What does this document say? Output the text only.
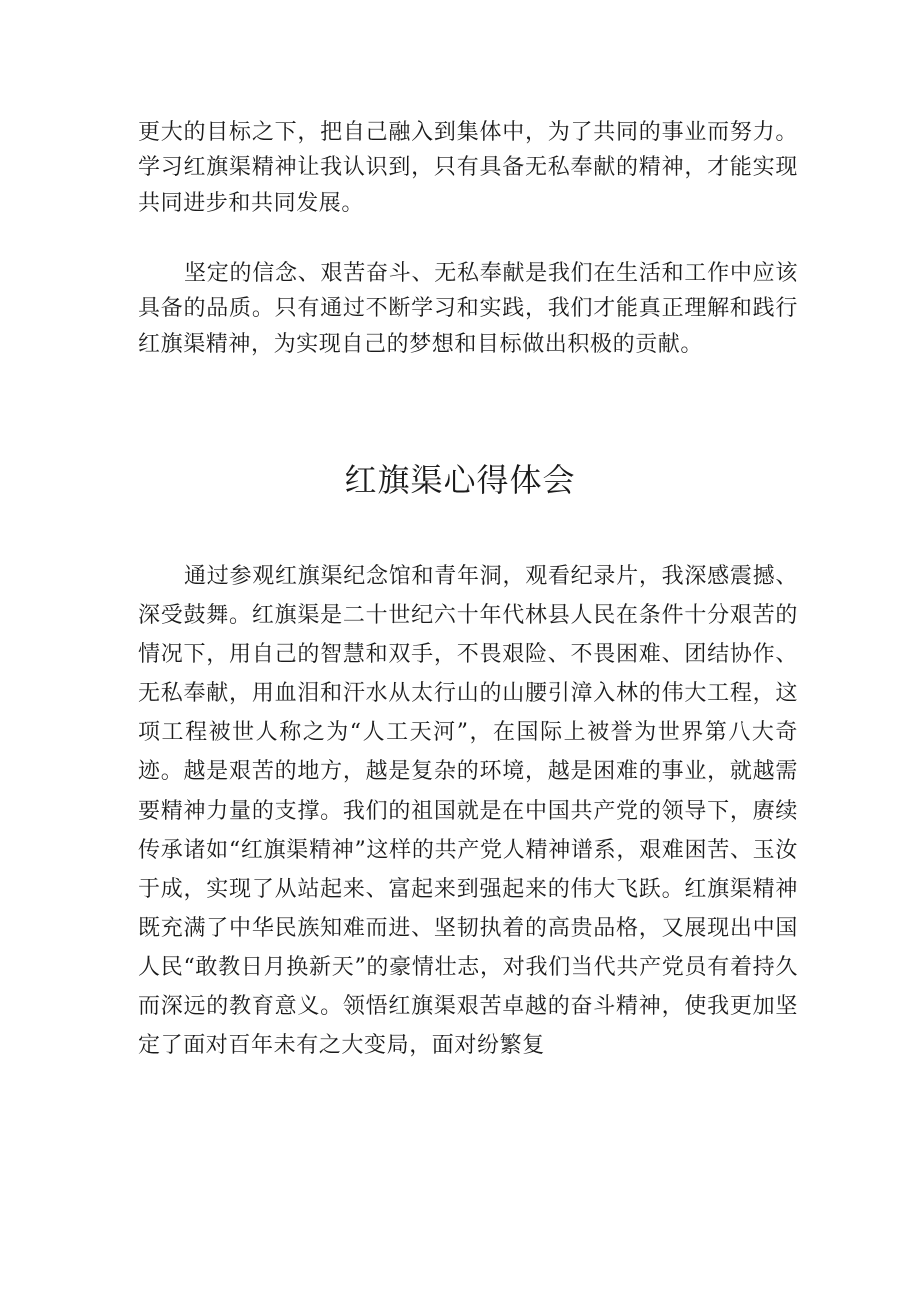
更大的目标之下，把自己融入到集体中，为了共同的事业而努力。学习红旗渠精神让我认识到，只有具备无私奉献的精神，才能实现共同进步和共同发展。

坚定的信念、艰苦奋斗、无私奉献是我们在生活和工作中应该具备的品质。只有通过不断学习和实践，我们才能真正理解和践行红旗渠精神，为实现自己的梦想和目标做出积极的贡献。

红旗渠心得体会

通过参观红旗渠纪念馆和青年洞，观看纪录片，我深感震撼、深受鼓舞。红旗渠是二十世纪六十年代林县人民在条件十分艰苦的情况下，用自己的智慧和双手，不畏艰险、不畏困难、团结协作、无私奉献，用血泪和汗水从太行山的山腰引漳入林的伟大工程，这项工程被世人称之为“人工天河”，在国际上被誉为世界第八大奇迹。越是艰苦的地方，越是复杂的环境，越是困难的事业，就越需要精神力量的支撑。我们的祖国就是在中国共产党的领导下，赓续传承诸如“红旗渠精神”这样的共产党人精神谱系，艰难困苦、玉汝于成，实现了从站起来、富起来到强起来的伟大飞跃。红旗渠精神既充满了中华民族知难而进、坚韧执着的高贵品格，又展现出中国人民“敢教日月换新天”的豪情壮志，对我们当代共产党员有着持久而深远的教育意义。领悟红旗渠艰苦卓越的奋斗精神，使我更加坚定了面对百年未有之大变局，面对纷繁复
